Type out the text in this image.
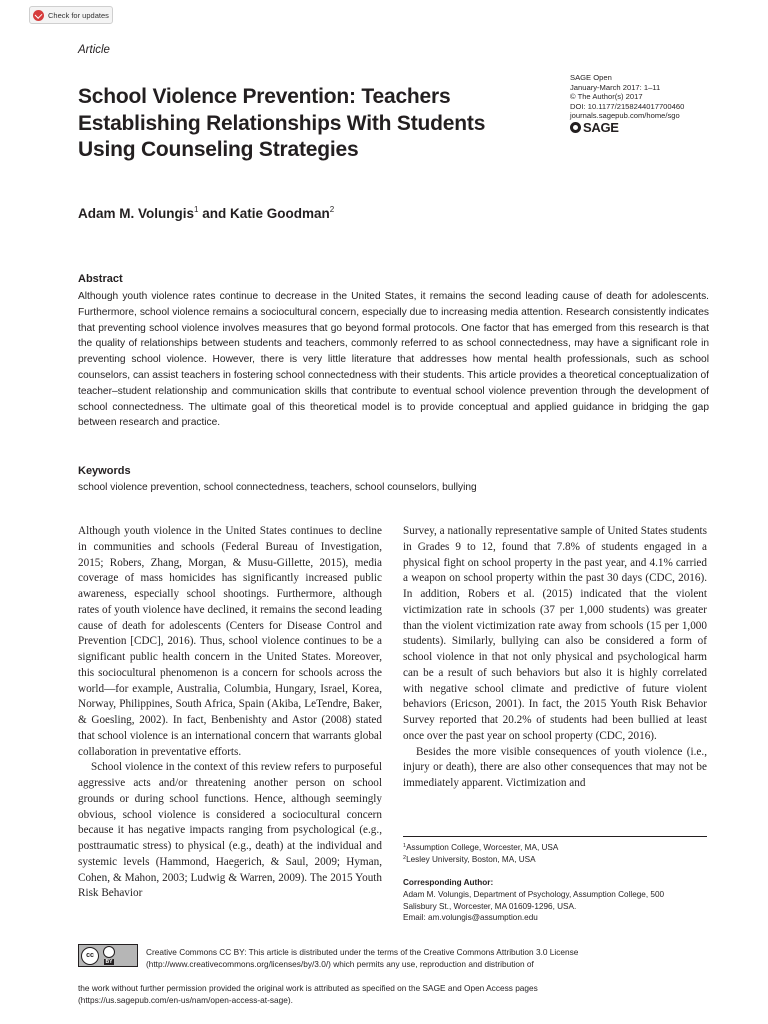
Check for updates
Article
School Violence Prevention: Teachers Establishing Relationships With Students Using Counseling Strategies
SAGE Open
January-March 2017: 1–11
© The Author(s) 2017
DOI: 10.1177/2158244017700460
journals.sagepub.com/home/sgo
SAGE
Adam M. Volungis$^1$ and Katie Goodman$^2$
Abstract
Although youth violence rates continue to decrease in the United States, it remains the second leading cause of death for adolescents. Furthermore, school violence remains a sociocultural concern, especially due to increasing media attention. Research consistently indicates that preventing school violence involves measures that go beyond formal protocols. One factor that has emerged from this research is that the quality of relationships between students and teachers, commonly referred to as school connectedness, may have a significant role in preventing school violence. However, there is very little literature that addresses how mental health professionals, such as school counselors, can assist teachers in fostering school connectedness with their students. This article provides a theoretical conceptualization of teacher–student relationship and communication skills that contribute to eventual school violence prevention through the development of school connectedness. The ultimate goal of this theoretical model is to provide conceptual and applied guidance in bridging the gap between research and practice.
Keywords
school violence prevention, school connectedness, teachers, school counselors, bullying

Although youth violence in the United States continues to decline in communities and schools (Federal Bureau of Investigation, 2015; Robers, Zhang, Morgan, & Musu-Gillette, 2015), media coverage of mass homicides has significantly increased public awareness, especially school shootings. Furthermore, although rates of youth violence have declined, it remains the second leading cause of death for adolescents (Centers for Disease Control and Prevention [CDC], 2016). Thus, school violence continues to be a significant public health concern in the United States. Moreover, this sociocultural phenomenon is a concern for schools across the world—for example, Australia, Columbia, Hungary, Israel, Korea, Norway, Philippines, South Africa, Spain (Akiba, LeTendre, Baker, & Goesling, 2002). In fact, Benbenishty and Astor (2008) stated that school violence is an international concern that warrants global collaboration in preventative efforts.

School violence in the context of this review refers to purposeful aggressive acts and/or threatening another person on school grounds or during school functions. Hence, although seemingly obvious, school violence is considered a sociocultural concern because it has negative impacts ranging from psychological (e.g., posttraumatic stress) to physical (e.g., death) at the individual and systemic levels (Hammond, Haegerich, & Saul, 2009; Hyman, Cohen, & Mahon, 2003; Ludwig & Warren, 2009). The 2015 Youth Risk Behavior

Survey, a nationally representative sample of United States students in Grades 9 to 12, found that 7.8% of students engaged in a physical fight on school property in the past year, and 4.1% carried a weapon on school property within the past 30 days (CDC, 2016). In addition, Robers et al. (2015) indicated that the violent victimization rate in schools (37 per 1,000 students) was greater than the violent victimization rate away from schools (15 per 1,000 students). Similarly, bullying can also be considered a form of school violence in that not only physical and psychological harm can be a result of such behaviors but also it is highly correlated with negative school climate and predictive of future violent behaviors (Ericson, 2001). In fact, the 2015 Youth Risk Behavior Survey reported that 20.2% of students had been bullied at least once over the past year on school property (CDC, 2016).

Besides the more visible consequences of youth violence (i.e., injury or death), there are also other consequences that may not be immediately apparent. Victimization and

$^1$Assumption College, Worcester, MA, USA
$^2$Lesley University, Boston, MA, USA
Corresponding Author:
Adam M. Volungis, Department of Psychology, Assumption College, 500
Salisbury St., Worcester, MA 01609-1296, USA.
Email: am.volungis@assumption.edu
cc
BY
Creative Commons CC BY: This article is distributed under the terms of the Creative Commons Attribution 3.0 License
(http://www.creativecommons.org/licenses/by/3.0/) which permits any use, reproduction and distribution of
the work without further permission provided the original work is attributed as specified on the SAGE and Open Access pages
(https://us.sagepub.com/en-us/nam/open-access-at-sage).
